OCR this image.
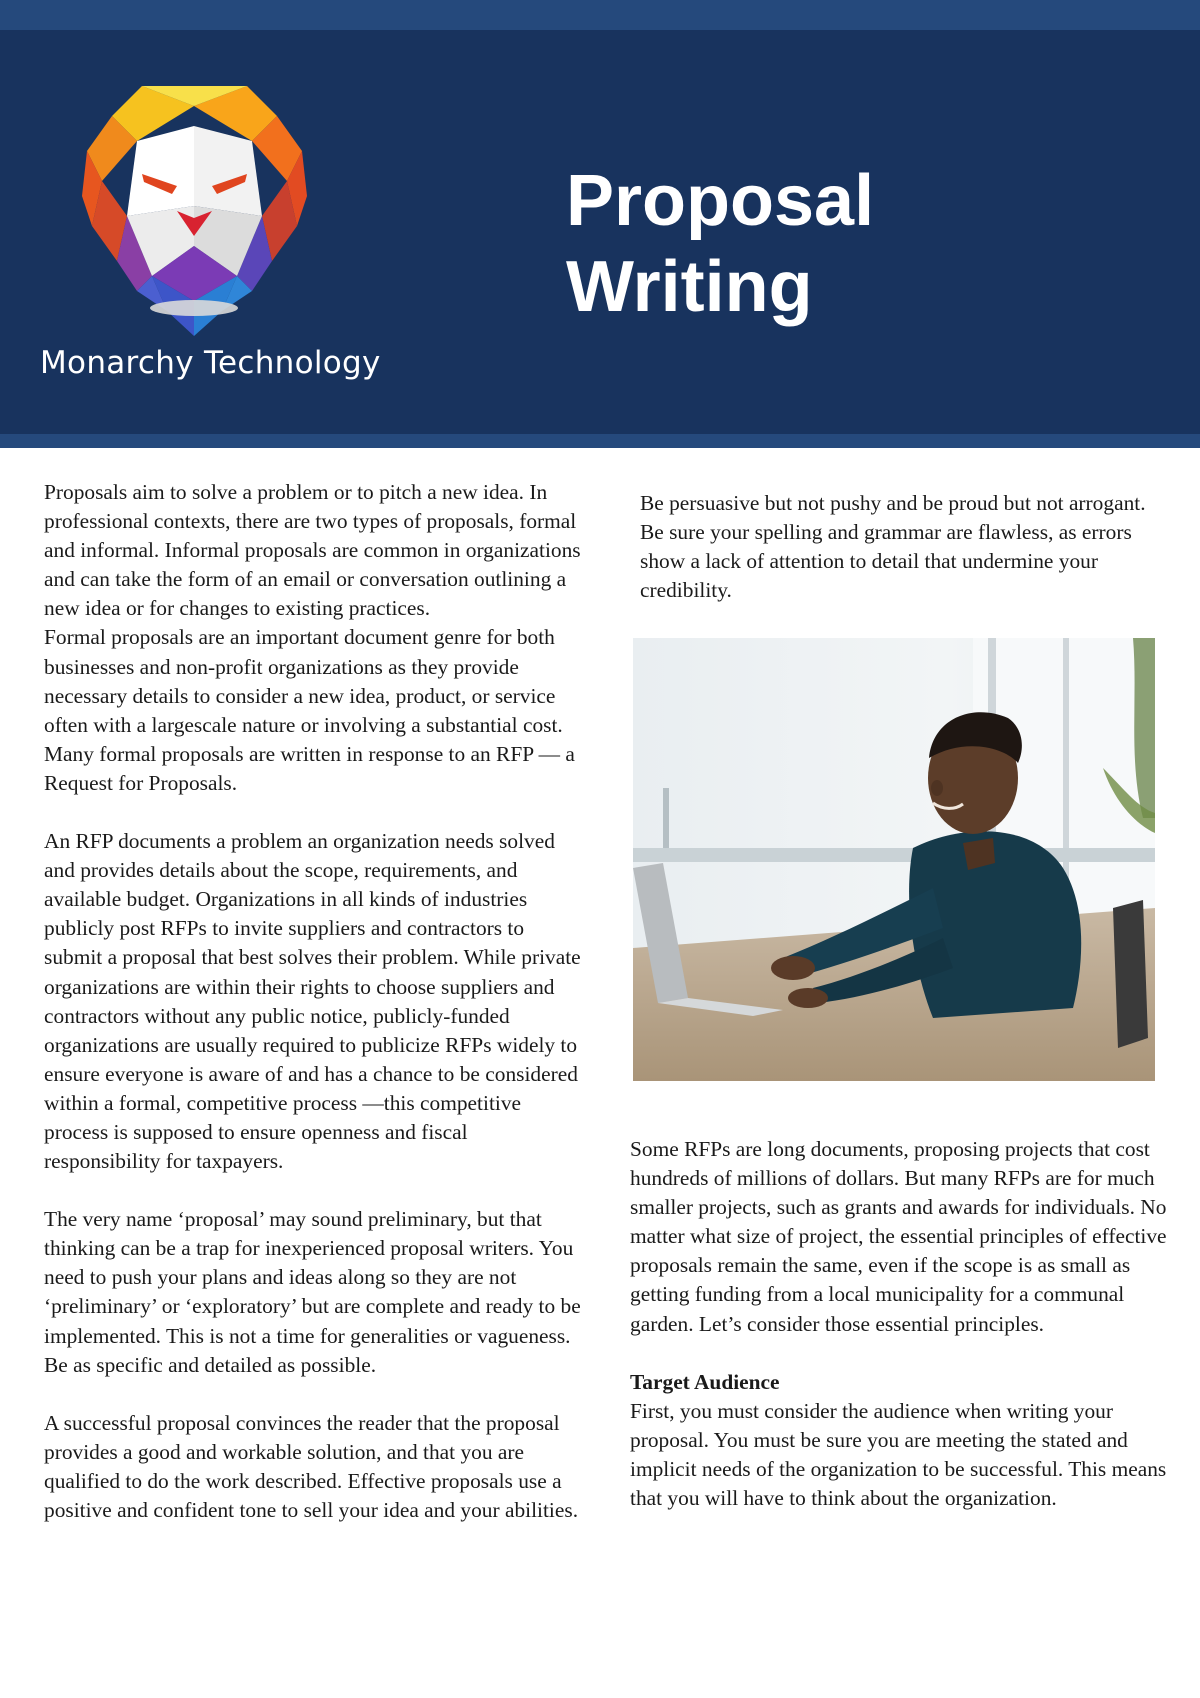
Monarchy Technology
Proposal
Writing

Proposals aim to solve a problem or to pitch a new idea. In professional contexts, there are two types of proposals, formal and informal. Informal proposals are common in organizations and can take the form of an email or conversation outlining a new idea or for changes to existing practices.

Formal proposals are an important document genre for both businesses and non-profit organizations as they provide necessary details to consider a new idea, product, or service often with a largescale nature or involving a substantial cost. Many formal proposals are written in response to an RFP — a Request for Proposals.

An RFP documents a problem an organization needs solved and provides details about the scope, requirements, and available budget. Organizations in all kinds of industries publicly post RFPs to invite suppliers and contractors to submit a proposal that best solves their problem. While private organizations are within their rights to choose suppliers and contractors without any public notice, publicly-funded organizations are usually required to publicize RFPs widely to ensure everyone is aware of and has a chance to be considered within a formal, competitive process —this competitive process is supposed to ensure openness and fiscal responsibility for taxpayers.

The very name ‘proposal’ may sound preliminary, but that thinking can be a trap for inexperienced proposal writers. You need to push your plans and ideas along so they are not ‘preliminary’ or ‘exploratory’ but are complete and ready to be implemented. This is not a time for generalities or vagueness. Be as specific and detailed as possible.

A successful proposal convinces the reader that the proposal provides a good and workable solution, and that you are qualified to do the work described. Effective proposals use a positive and confident tone to sell your idea and your abilities.

Be persuasive but not pushy and be proud but not arrogant. Be sure your spelling and grammar are flawless, as errors show a lack of attention to detail that undermine your credibility.

Some RFPs are long documents, proposing projects that cost hundreds of millions of dollars. But many RFPs are for much smaller projects, such as grants and awards for individuals. No matter what size of project, the essential principles of effective proposals remain the same, even if the scope is as small as getting funding from a local municipality for a communal garden. Let’s consider those essential principles.

Target Audience

First, you must consider the audience when writing your proposal. You must be sure you are meeting the stated and implicit needs of the organization to be successful. This means that you will have to think about the organization.
